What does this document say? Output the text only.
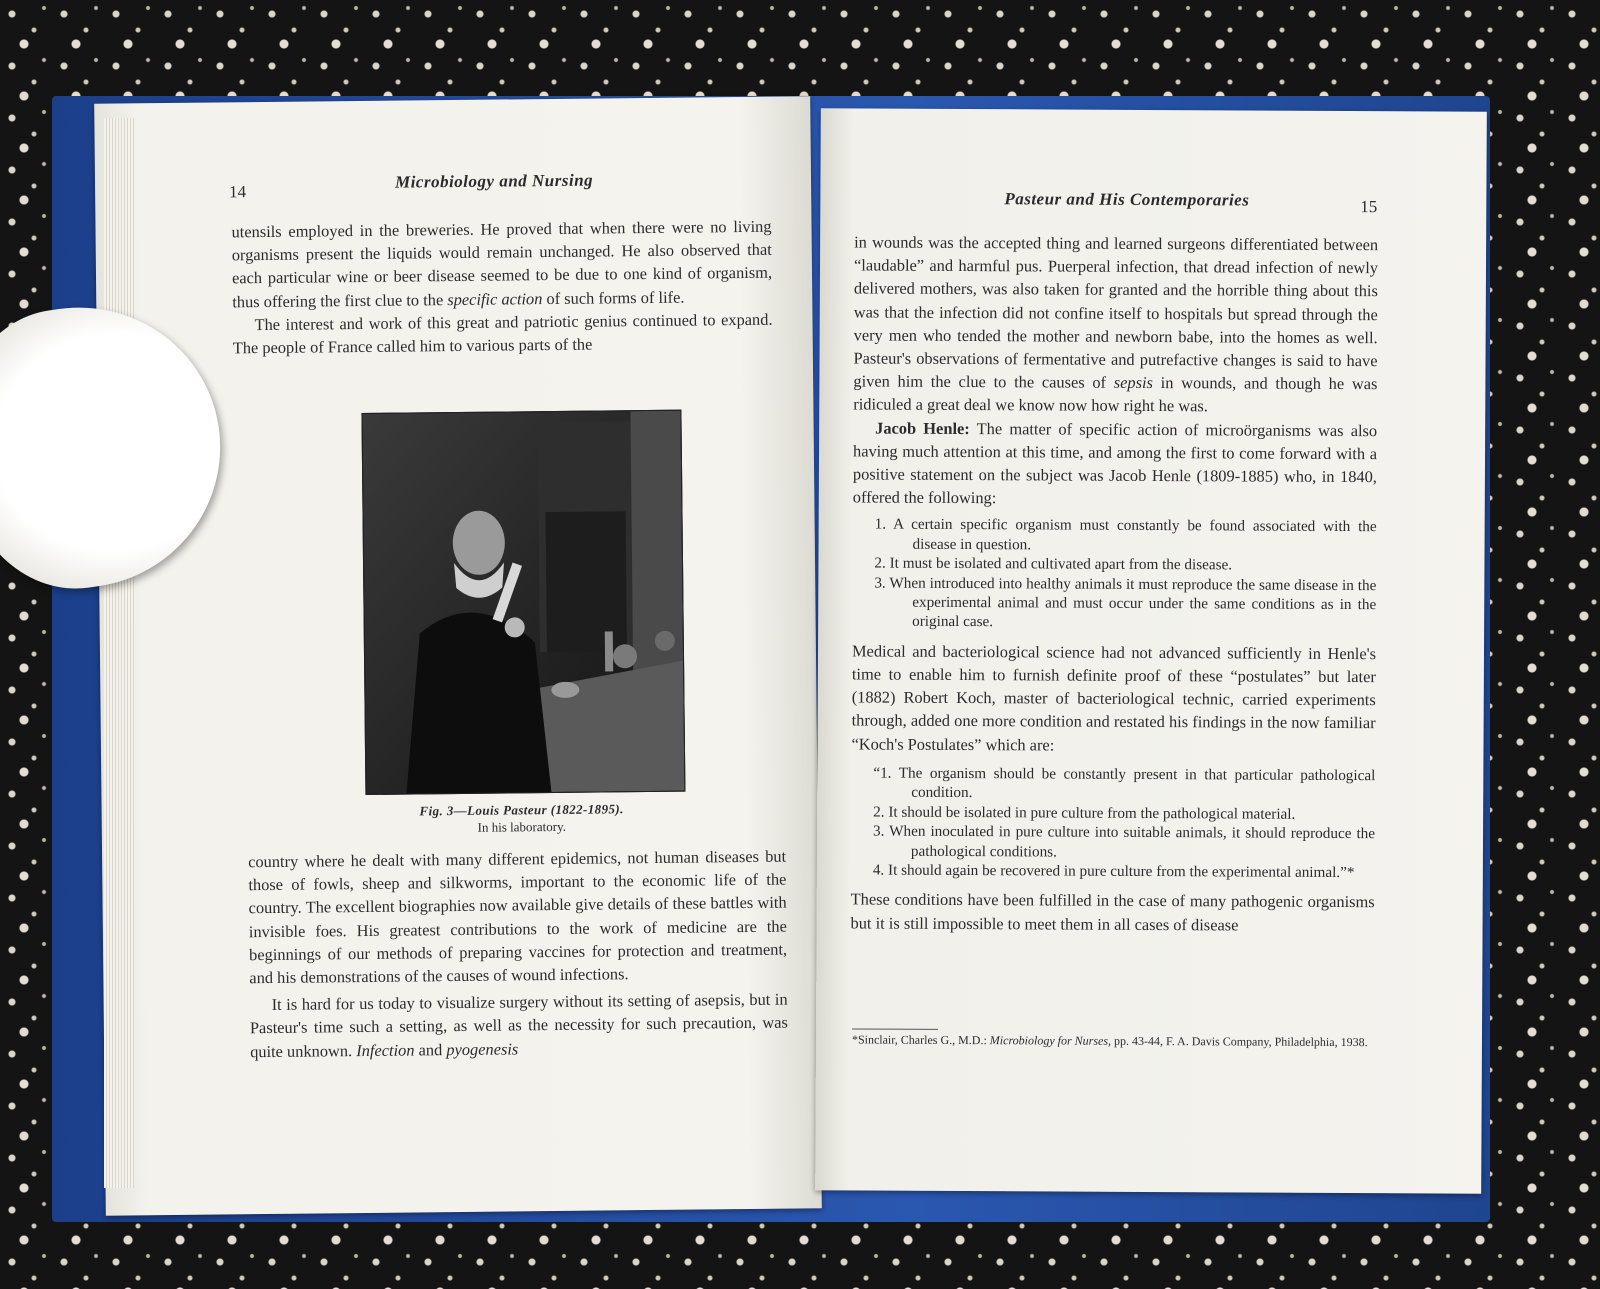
14
Microbiology and Nursing

utensils employed in the breweries. He proved that when there were no living organisms present the liquids would remain unchanged. He also observed that each particular wine or beer disease seemed to be due to one kind of organism, thus offering the first clue to the specific action of such forms of life.

The interest and work of this great and patriotic genius continued to expand. The people of France called him to various parts of the

Fig. 3—Louis Pasteur (1822-1895).
In his laboratory.

country where he dealt with many different epidemics, not human diseases but those of fowls, sheep and silkworms, important to the economic life of the country. The excellent biographies now available give details of these battles with invisible foes. His greatest contributions to the work of medicine are the beginnings of our methods of preparing vaccines for protection and treatment, and his demonstrations of the causes of wound infections.

It is hard for us today to visualize surgery without its setting of asepsis, but in Pasteur's time such a setting, as well as the necessity for such precaution, was quite unknown. Infection and pyogenesis

Pasteur and His Contemporaries	15

in wounds was the accepted thing and learned surgeons differentiated between “laudable” and harmful pus. Puerperal infection, that dread infection of newly delivered mothers, was also taken for granted and the horrible thing about this was that the infection did not confine itself to hospitals but spread through the very men who tended the mother and newborn babe, into the homes as well. Pasteur's observations of fermentative and putrefactive changes is said to have given him the clue to the causes of sepsis in wounds, and though he was ridiculed a great deal we know now how right he was.

Jacob Henle: The matter of specific action of microörganisms was also having much attention at this time, and among the first to come forward with a positive statement on the subject was Jacob Henle (1809-1885) who, in 1840, offered the following:

1. A certain specific organism must constantly be found associated with the disease in question.
2. It must be isolated and cultivated apart from the disease.
3. When introduced into healthy animals it must reproduce the same disease in the experimental animal and must occur under the same conditions as in the original case.

Medical and bacteriological science had not advanced sufficiently in Henle's time to enable him to furnish definite proof of these “postulates” but later (1882) Robert Koch, master of bacteriological technic, carried experiments through, added one more condition and restated his findings in the now familiar “Koch's Postulates” which are:

“1. The organism should be constantly present in that particular pathological condition.
2. It should be isolated in pure culture from the pathological material.
3. When inoculated in pure culture into suitable animals, it should reproduce the pathological conditions.
4. It should again be recovered in pure culture from the experimental animal.”*

These conditions have been fulfilled in the case of many pathogenic organisms but it is still impossible to meet them in all cases of disease

*Sinclair, Charles G., M.D.: Microbiology for Nurses, pp. 43-44, F. A. Davis Company, Philadelphia, 1938.
